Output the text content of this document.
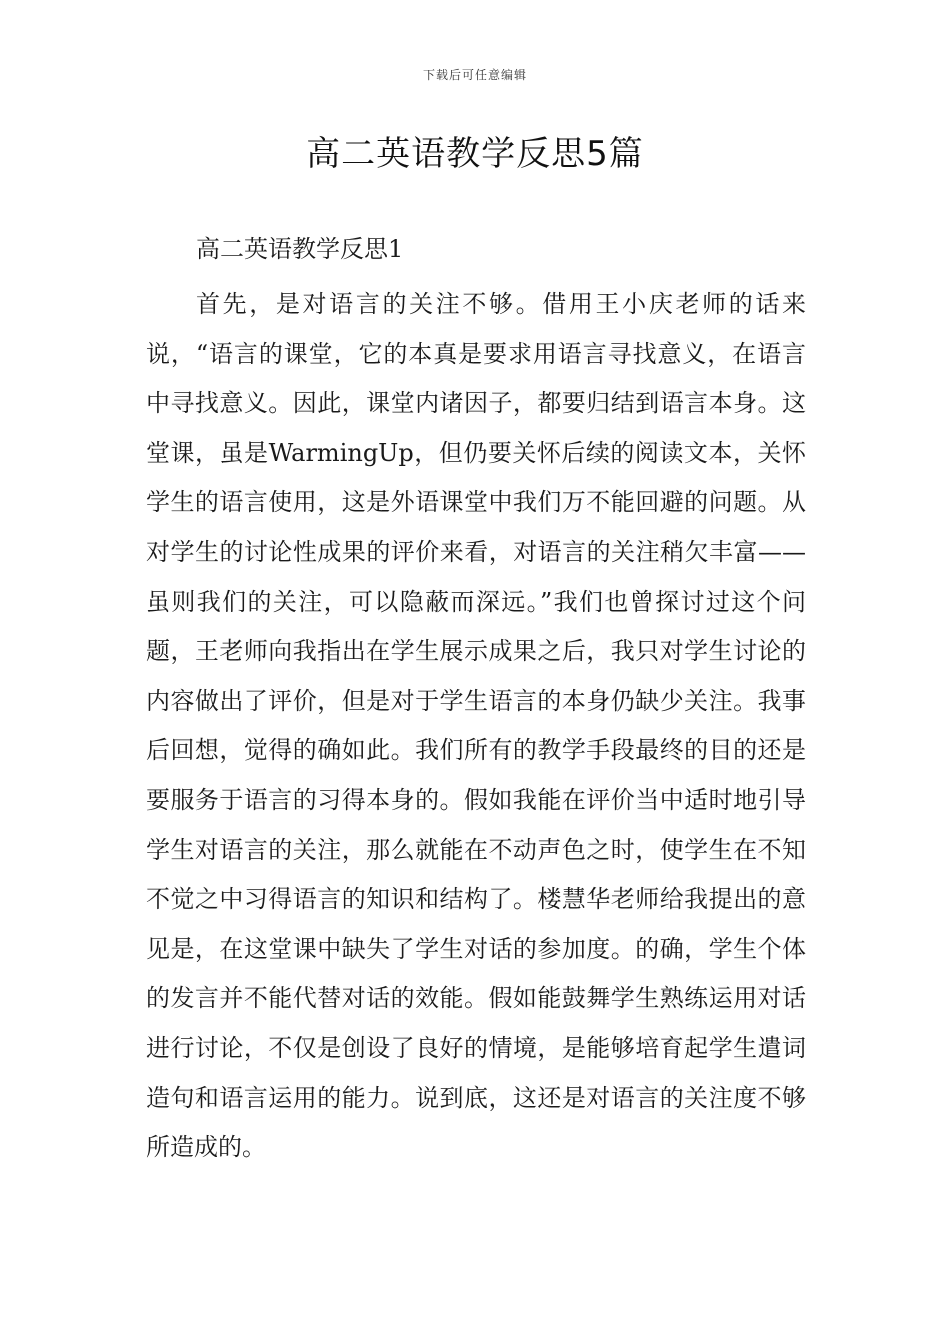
下载后可任意编辑
高二英语教学反思5篇

高二英语教学反思1

首先，是对语言的关注不够。借用王小庆老师的话来说，“语言的课堂，它的本真是要求用语言寻找意义，在语言中寻找意义。因此，课堂内诸因子，都要归结到语言本身。这堂课，虽是WarmingUp，但仍要关怀后续的阅读文本，关怀学生的语言使用，这是外语课堂中我们万不能回避的问题。从对学生的讨论性成果的评价来看，对语言的关注稍欠丰富——虽则我们的关注，可以隐蔽而深远。”我们也曾探讨过这个问题，王老师向我指出在学生展示成果之后，我只对学生讨论的内容做出了评价，但是对于学生语言的本身仍缺少关注。我事后回想，觉得的确如此。我们所有的教学手段最终的目的还是要服务于语言的习得本身的。假如我能在评价当中适时地引导学生对语言的关注，那么就能在不动声色之时，使学生在不知不觉之中习得语言的知识和结构了。楼慧华老师给我提出的意见是，在这堂课中缺失了学生对话的参加度。的确，学生个体的发言并不能代替对话的效能。假如能鼓舞学生熟练运用对话进行讨论，不仅是创设了良好的情境，是能够培育起学生遣词造句和语言运用的能力。说到底，这还是对语言的关注度不够所造成的。
